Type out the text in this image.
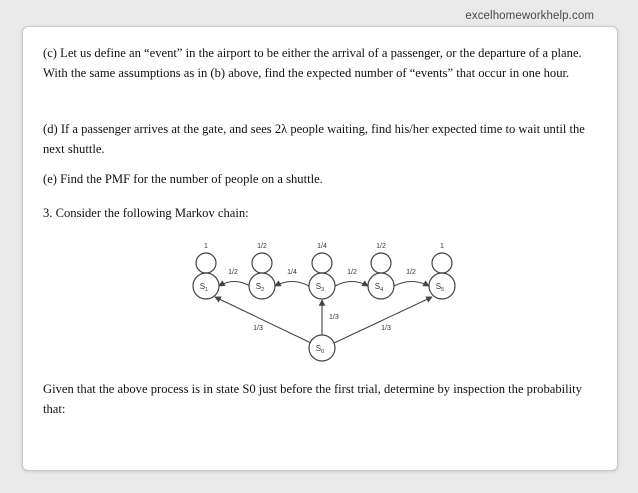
excelhomeworkhelp.com
(c) Let us define an “event” in the airport to be either the arrival of a passenger, or the departure of a plane. With the same assumptions as in (b) above, find the expected number of “events” that occur in one hour.
(d) If a passenger arrives at the gate, and sees 2λ people waiting, find his/her expected time to wait until the next shuttle.
(e) Find the PMF for the number of people on a shuttle.
3. Consider the following Markov chain:
1	1/2	1/4	1/2	1
1/2	1/4	1/2	1/2
1/3
1/3
1/3
$S_1$	$S_2$	$S_3$	$S_4$	$S_5$
$S_0$
Given that the above process is in state S0 just before the first trial, determine by inspection the probability that:
